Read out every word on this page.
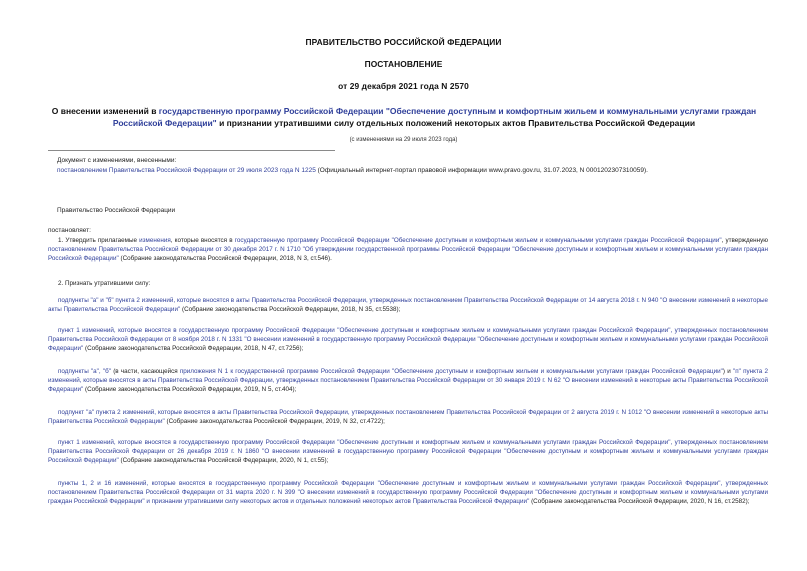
ПРАВИТЕЛЬСТВО РОССИЙСКОЙ ФЕДЕРАЦИИ
ПОСТАНОВЛЕНИЕ
от 29 декабря 2021 года N 2570
О внесении изменений в государственную программу Российской Федерации "Обеспечение доступным и комфортным жильем и коммунальными услугами граждан Российской Федерации" и признании утратившими силу отдельных положений некоторых актов Правительства Российской Федерации
(с изменениями на 29 июля 2023 года)
Документ с изменениями, внесенными:
постановлением Правительства Российской Федерации от 29 июля 2023 года N 1225 (Официальный интернет-портал правовой информации www.pravo.gov.ru, 31.07.2023, N 0001202307310059).
Правительство Российской Федерации
постановляет:
1. Утвердить прилагаемые изменения, которые вносятся в государственную программу Российской Федерации "Обеспечение доступным и комфортным жильем и коммунальными услугами граждан Российской Федерации", утвержденную постановлением Правительства Российской Федерации от 30 декабря 2017 г. N 1710 "Об утверждении государственной программы Российской Федерации "Обеспечение доступным и комфортным жильем и коммунальными услугами граждан Российской Федерации" (Собрание законодательства Российской Федерации, 2018, N 3, ст.546).
2. Признать утратившими силу:
подпункты "а" и "б" пункта 2 изменений, которые вносятся в акты Правительства Российской Федерации, утвержденных постановлением Правительства Российской Федерации от 14 августа 2018 г. N 940 "О внесении изменений в некоторые акты Правительства Российской Федерации" (Собрание законодательства Российской Федерации, 2018, N 35, ст.5538);
пункт 1 изменений, которые вносятся в государственную программу Российской Федерации "Обеспечение доступным и комфортным жильем и коммунальными услугами граждан Российской Федерации", утвержденных постановлением Правительства Российской Федерации от 8 ноября 2018 г. N 1331 "О внесении изменений в государственную программу Российской Федерации "Обеспечение доступным и комфортным жильем и коммунальными услугами граждан Российской Федерации" (Собрание законодательства Российской Федерации, 2018, N 47, ст.7256);
подпункты "а", "б" (в части, касающейся приложения N 1 к государственной программе Российской Федерации "Обеспечение доступным и комфортным жильем и коммунальными услугами граждан Российской Федерации") и "п" пункта 2 изменений, которые вносятся в акты Правительства Российской Федерации, утвержденных постановлением Правительства Российской Федерации от 30 января 2019 г. N 62 "О внесении изменений в некоторые акты Правительства Российской Федерации" (Собрание законодательства Российской Федерации, 2019, N 5, ст.404);
подпункт "а" пункта 2 изменений, которые вносятся в акты Правительства Российской Федерации, утвержденных постановлением Правительства Российской Федерации от 2 августа 2019 г. N 1012 "О внесении изменений в некоторые акты Правительства Российской Федерации" (Собрание законодательства Российской Федерации, 2019, N 32, ст.4722);
пункт 1 изменений, которые вносятся в государственную программу Российской Федерации "Обеспечение доступным и комфортным жильем и коммунальными услугами граждан Российской Федерации", утвержденных постановлением Правительства Российской Федерации от 26 декабря 2019 г. N 1860 "О внесении изменений в государственную программу Российской Федерации "Обеспечение доступным и комфортным жильем и коммунальными услугами граждан Российской Федерации" (Собрание законодательства Российской Федерации, 2020, N 1, ст.55);
пункты 1, 2 и 16 изменений, которые вносятся в государственную программу Российской Федерации "Обеспечение доступным и комфортным жильем и коммунальными услугами граждан Российской Федерации", утвержденных постановлением Правительства Российской Федерации от 31 марта 2020 г. N 399 "О внесении изменений в государственную программу Российской Федерации "Обеспечение доступным и комфортным жильем и коммунальными услугами граждан Российской Федерации" и признании утратившими силу некоторых актов и отдельных положений некоторых актов Правительства Российской Федерации" (Собрание законодательства Российской Федерации, 2020, N 16, ст.2582);
